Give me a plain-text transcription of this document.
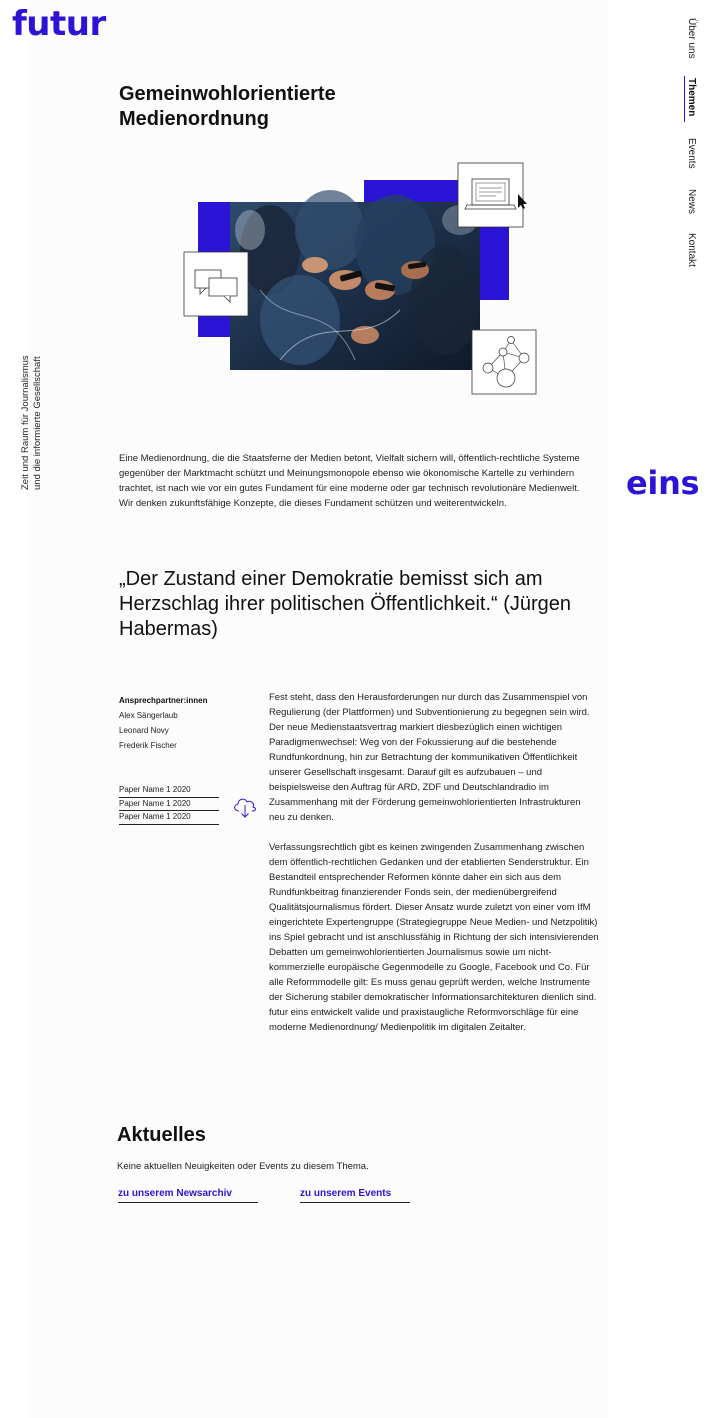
futur
eins
Zeit und Raum für Journalismus und die informierte Gesellschaft
Über uns
Themen
Events
News
Kontakt
Gemeinwohlorientierte Medienordnung

Eine Medienordnung, die die Staatsferne der Medien betont, Vielfalt sichern will, öffentlich-rechtliche Systeme gegenüber der Marktmacht schützt und Meinungsmonopole ebenso wie ökonomische Kartelle zu verhindern trachtet, ist nach wie vor ein gutes Fundament für eine moderne oder gar technisch revolutionäre Medienwelt. Wir denken zukunftsfähige Konzepte, die dieses Fundament schützen und weiterentwickeln.

„Der Zustand einer Demokratie bemisst sich am Herzschlag ihrer politischen Öffentlichkeit.“ (Jürgen Habermas)
Ansprechpartner:innen
Alex Sängerlaub
Leonard Novy
Frederik Fischer
Paper Name 1 2020
Paper Name 1 2020
Paper Name 1 2020

Fest steht, dass den Herausforderungen nur durch das Zusammenspiel von Regulierung (der Plattformen) und Subventionierung zu begegnen sein wird. Der neue Medienstaatsvertrag markiert diesbezüglich einen wichtigen Paradigmenwechsel: Weg von der Fokussierung auf die bestehende Rundfunkordnung, hin zur Betrachtung der kommunikativen Öffentlichkeit unserer Gesellschaft insgesamt. Darauf gilt es aufzubauen – und beispielsweise den Auftrag für ARD, ZDF und Deutschlandradio im Zusammenhang mit der Förderung gemeinwohlorientierten Infrastrukturen neu zu denken.

Verfassungsrechtlich gibt es keinen zwingenden Zusammenhang zwischen dem öffentlich-rechtlichen Gedanken und der etablierten Senderstruktur. Ein Bestandteil entsprechender Reformen könnte daher ein sich aus dem Rundfunkbeitrag finanzierender Fonds sein, der medienübergreifend Qualitätsjournalismus fördert. Dieser Ansatz wurde zuletzt von einer vom IfM eingerichtete Expertengruppe (Strategiegruppe Neue Medien- und Netzpolitik) ins Spiel gebracht und ist anschlussfähig in Richtung der sich intensivierenden Debatten um gemeinwohlorientierten Journalismus sowie um nicht-kommerzielle europäische Gegenmodelle zu Google, Facebook und Co. Für alle Reformmodelle gilt: Es muss genau geprüft werden, welche Instrumente der Sicherung stabiler demokratischer Informationsarchitekturen dienlich sind. futur eins entwickelt valide und praxistaugliche Reformvorschläge für eine moderne Medienordnung/ Medienpolitik im digitalen Zeitalter.

Aktuelles

Keine aktuellen Neuigkeiten oder Events zu diesem Thema.

zu unserem Newsarchiv	zu unserem Events
